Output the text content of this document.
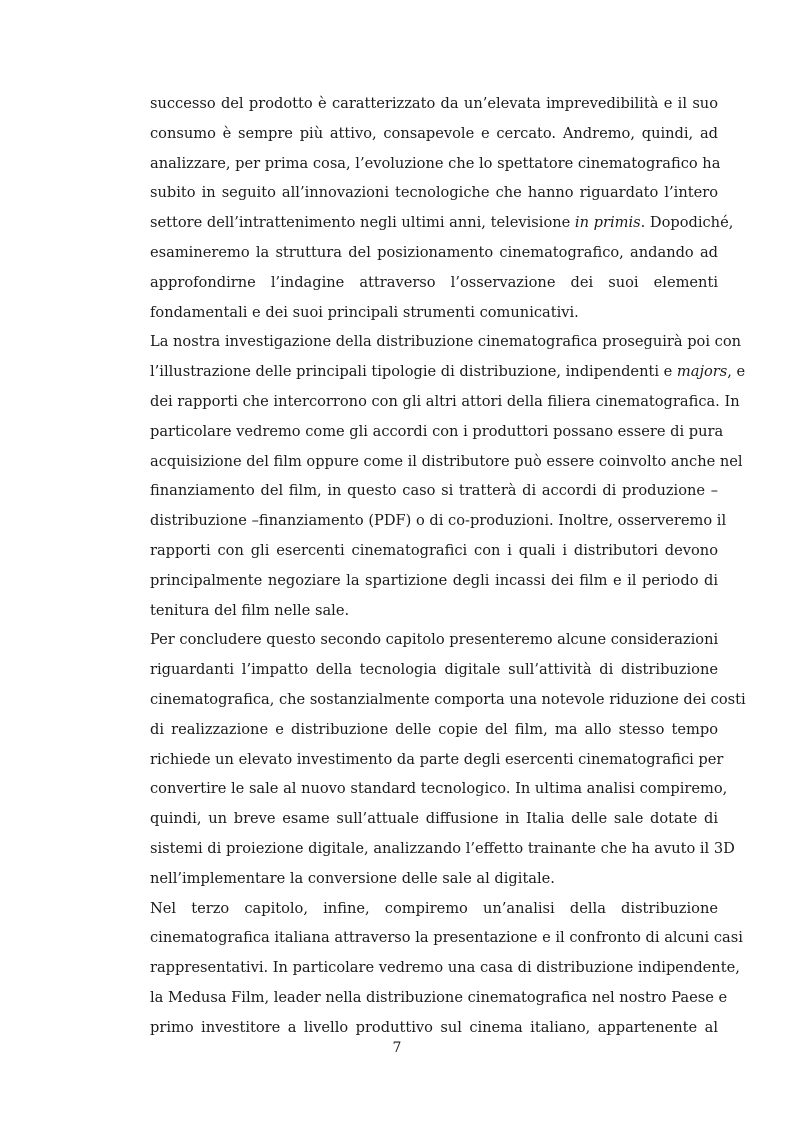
successo del prodotto è caratterizzato da un’elevata imprevedibilità e il suo
consumo è sempre più attivo, consapevole e cercato. Andremo, quindi, ad
analizzare, per prima cosa, l’evoluzione che lo spettatore cinematografico ha
subito in seguito all’innovazioni tecnologiche che hanno riguardato l’intero
settore dell’intrattenimento negli ultimi anni, televisione in primis. Dopodiché,
esamineremo la struttura del posizionamento cinematografico, andando ad
approfondirne l’indagine attraverso l’osservazione dei suoi elementi
fondamentali e dei suoi principali strumenti comunicativi.
La nostra investigazione della distribuzione cinematografica proseguirà poi con
l’illustrazione delle principali tipologie di distribuzione, indipendenti e majors, e
dei rapporti che intercorrono con gli altri attori della filiera cinematografica. In
particolare vedremo come gli accordi con i produttori possano essere di pura
acquisizione del film oppure come il distributore può essere coinvolto anche nel
finanziamento del film, in questo caso si tratterà di accordi di produzione –
distribuzione –finanziamento (PDF) o di co-produzioni. Inoltre, osserveremo il
rapporti con gli esercenti cinematografici con i quali i distributori devono
principalmente negoziare la spartizione degli incassi dei film e il periodo di
tenitura del film nelle sale.
Per concludere questo secondo capitolo presenteremo alcune considerazioni
riguardanti l’impatto della tecnologia digitale sull’attività di distribuzione
cinematografica, che sostanzialmente comporta una notevole riduzione dei costi
di realizzazione e distribuzione delle copie del film, ma allo stesso tempo
richiede un elevato investimento da parte degli esercenti cinematografici per
convertire le sale al nuovo standard tecnologico. In ultima analisi compiremo,
quindi, un breve esame sull’attuale diffusione in Italia delle sale dotate di
sistemi di proiezione digitale, analizzando l’effetto trainante che ha avuto il 3D
nell’implementare la conversione delle sale al digitale.
Nel terzo capitolo, infine, compiremo un’analisi della distribuzione
cinematografica italiana attraverso la presentazione e il confronto di alcuni casi
rappresentativi. In particolare vedremo una casa di distribuzione indipendente,
la Medusa Film, leader nella distribuzione cinematografica nel nostro Paese e
primo investitore a livello produttivo sul cinema italiano, appartenente al
7
